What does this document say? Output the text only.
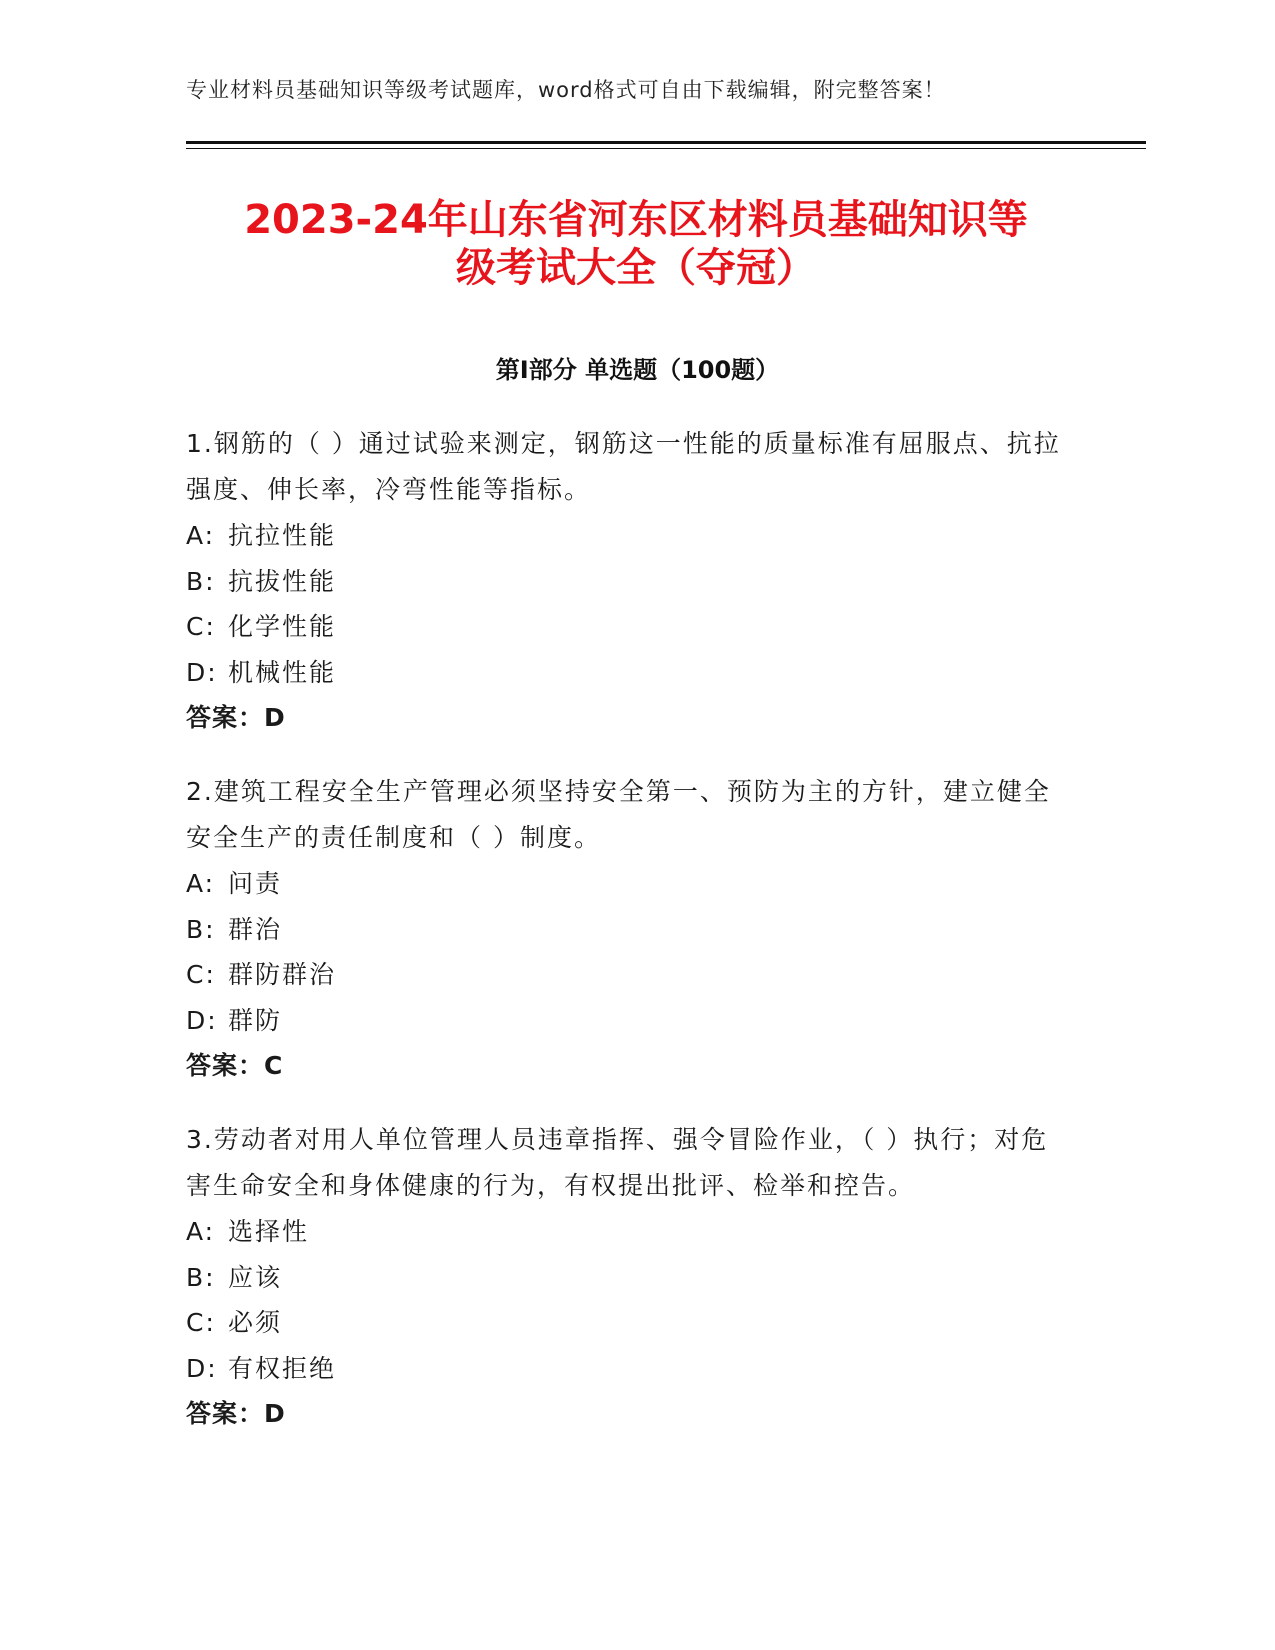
专业材料员基础知识等级考试题库，word格式可自由下载编辑，附完整答案！
2023-24年山东省河东区材料员基础知识等
级考试大全（夺冠）
第Ⅰ部分 单选题（100题）

1.钢筋的（ ）通过试验来测定，钢筋这一性能的质量标准有屈服点、抗拉强度、伸长率，冷弯性能等指标。

A: 抗拉性能

B: 抗拔性能

C: 化学性能

D: 机械性能

答案：D

2.建筑工程安全生产管理必须坚持安全第一、预防为主的方针，建立健全安全生产的责任制度和（ ）制度。

A: 问责

B: 群治

C: 群防群治

D: 群防

答案：C

3.劳动者对用人单位管理人员违章指挥、强令冒险作业，（ ）执行；对危害生命安全和身体健康的行为，有权提出批评、检举和控告。

A: 选择性

B: 应该

C: 必须

D: 有权拒绝

答案：D
